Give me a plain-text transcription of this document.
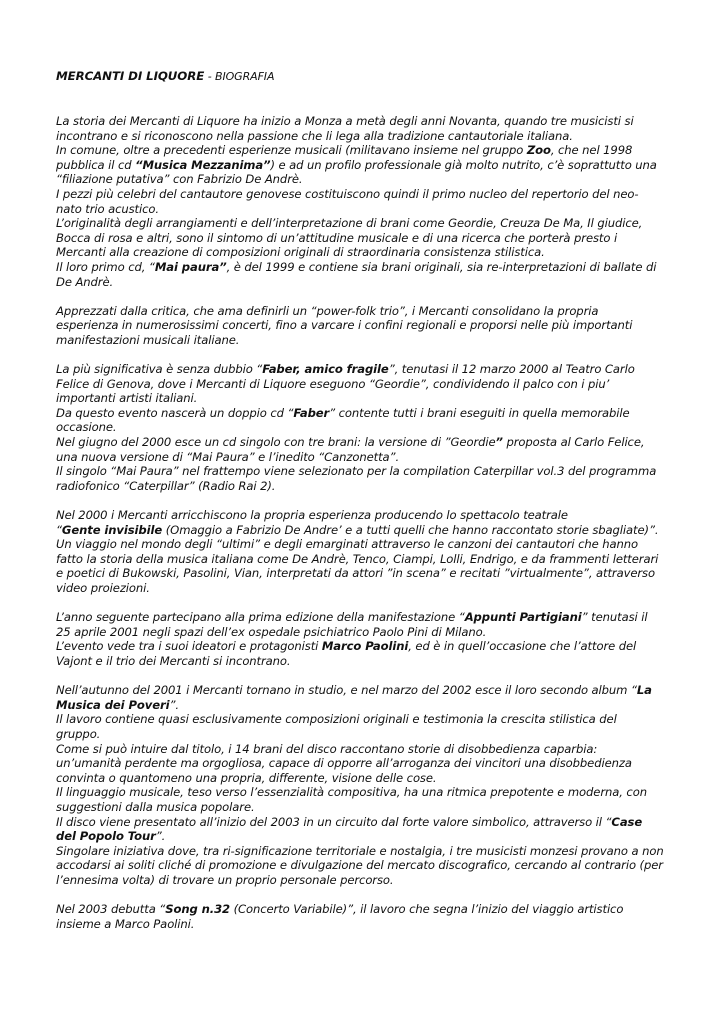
MERCANTI DI LIQUORE - BIOGRAFIA
La storia dei Mercanti di Liquore ha inizio a Monza a metà degli anni Novanta, quando tre musicisti si incontrano e si riconoscono nella passione che li lega alla tradizione cantautoriale italiana.
In comune, oltre a precedenti esperienze musicali (militavano insieme nel gruppo Zoo, che nel 1998 pubblica il cd “Musica Mezzanima”) e ad un profilo professionale già molto nutrito, c’è soprattutto una “filiazione putativa” con Fabrizio De Andrè.
I pezzi più celebri del cantautore genovese costituiscono quindi il primo nucleo del repertorio del neo-nato trio acustico.
L’originalità degli arrangiamenti e dell’interpretazione di brani come Geordie, Creuza De Ma, Il giudice, Bocca di rosa e altri, sono il sintomo di un’attitudine musicale e di una ricerca che porterà presto i Mercanti alla creazione di composizioni originali di straordinaria consistenza stilistica.
Il loro primo cd, “Mai paura”, è del 1999 e contiene sia brani originali, sia re-interpretazioni di ballate di De Andrè.
Apprezzati dalla critica, che ama definirli un “power-folk trio”, i Mercanti consolidano la propria esperienza in numerosissimi concerti, fino a varcare i confini regionali e proporsi nelle più importanti manifestazioni musicali italiane.
La più significativa è senza dubbio “Faber, amico fragile”, tenutasi il 12 marzo 2000 al Teatro Carlo Felice di Genova, dove i Mercanti di Liquore eseguono “Geordie”, condividendo il palco con i piu’ importanti artisti italiani.
Da questo evento nascerà un doppio cd “Faber” contente tutti i brani eseguiti in quella memorabile occasione.
Nel giugno del 2000 esce un cd singolo con tre brani: la versione di ”Geordie” proposta al Carlo Felice, una nuova versione di “Mai Paura” e l’inedito “Canzonetta”.
Il singolo “Mai Paura” nel frattempo viene selezionato per la compilation Caterpillar vol.3 del programma radiofonico “Caterpillar” (Radio Rai 2).
Nel 2000 i Mercanti arricchiscono la propria esperienza producendo lo spettacolo teatrale
“Gente invisibile (Omaggio a Fabrizio De Andre’ e a tutti quelli che hanno raccontato storie sbagliate)”. Un viaggio nel mondo degli “ultimi” e degli emarginati attraverso le canzoni dei cantautori che hanno fatto la storia della musica italiana come De Andrè, Tenco, Ciampi, Lolli, Endrigo, e da frammenti letterari e poetici di Bukowski, Pasolini, Vian, interpretati da attori ”in scena” e recitati ”virtualmente”, attraverso video proiezioni.
L’anno seguente partecipano alla prima edizione della manifestazione “Appunti Partigiani” tenutasi il 25 aprile 2001 negli spazi dell’ex ospedale psichiatrico Paolo Pini di Milano.
L’evento vede tra i suoi ideatori e protagonisti Marco Paolini, ed è in quell’occasione che l’attore del Vajont e il trio dei Mercanti si incontrano.
Nell’autunno del 2001 i Mercanti tornano in studio, e nel marzo del 2002 esce il loro secondo album “La Musica dei Poveri”.
Il lavoro contiene quasi esclusivamente composizioni originali e testimonia la crescita stilistica del gruppo.
Come si può intuire dal titolo, i 14 brani del disco raccontano storie di disobbedienza caparbia: un’umanità perdente ma orgogliosa, capace di opporre all’arroganza dei vincitori una disobbedienza convinta o quantomeno una propria, differente, visione delle cose.
Il linguaggio musicale, teso verso l’essenzialità compositiva, ha una ritmica prepotente e moderna, con suggestioni dalla musica popolare.
Il disco viene presentato all’inizio del 2003 in un circuito dal forte valore simbolico, attraverso il “Case del Popolo Tour”.
Singolare iniziativa dove, tra ri-significazione territoriale e nostalgia, i tre musicisti monzesi provano a non accodarsi ai soliti cliché di promozione e divulgazione del mercato discografico, cercando al contrario (per l’ennesima volta) di trovare un proprio personale percorso.
Nel 2003 debutta “Song n.32 (Concerto Variabile)”, il lavoro che segna l’inizio del viaggio artistico insieme a Marco Paolini.
